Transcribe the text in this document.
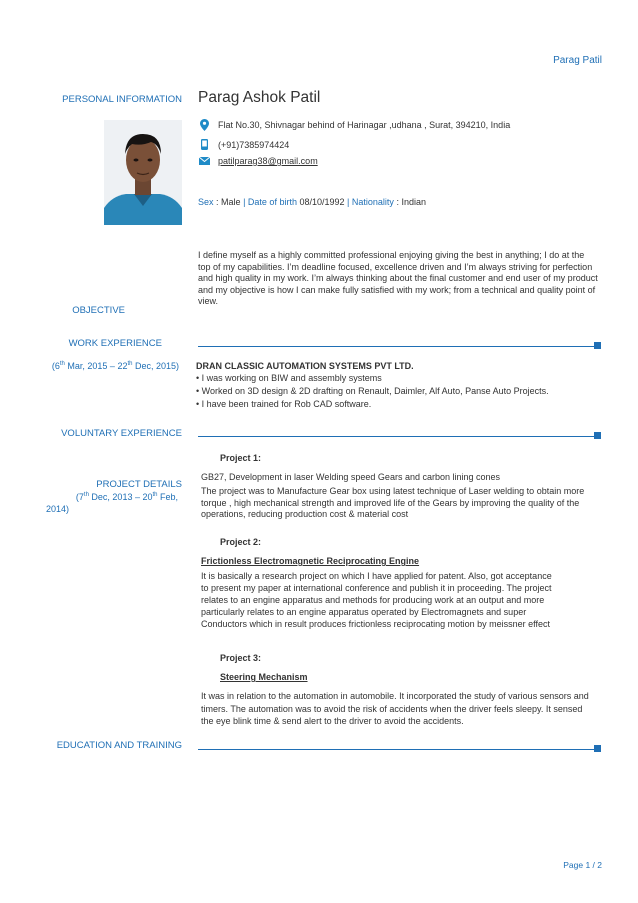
Parag Patil
PERSONAL INFORMATION Parag Ashok Patil
Flat No.30, Shivnagar behind of Harinagar ,udhana , Surat, 394210, India
(+91)7385974424
patilparag38@gmail.com
Sex : Male | Date of birth 08/10/1992 | Nationality : Indian
I define myself as a highly committed professional enjoying giving the best in anything; I do at the top of my capabilities. I’m deadline focused, excellence driven and I’m always striving for perfection and high quality in my work. I’m always thinking about the final customer and end user of my product and my objective is how I can make fully satisfied with my work; from a technical and quality point of view.
OBJECTIVE
WORK EXPERIENCE
(6th Mar, 2015 – 22th Dec, 2015) DRAN CLASSIC AUTOMATION SYSTEMS PVT LTD.
• I was working on BIW and assembly systems
• Worked on 3D design & 2D drafting on Renault, Daimler, Alf Auto, Panse Auto Projects.
• I have been trained for Rob CAD software.
VOLUNTARY EXPERIENCE
PROJECT DETAILS
(7th Dec, 2013 – 20th Feb,
2014)
Project 1:
GB27, Development in laser Welding speed Gears and carbon lining cones
The project was to Manufacture Gear box using latest technique of Laser welding to obtain more torque , high mechanical strength and improved life of the Gears by improving the quality of the operations, reducing production cost & material cost
Project 2:
Frictionless Electromagnetic Reciprocating Engine
It is basically a research project on which I have applied for patent. Also, got acceptance to present my paper at international conference and publish it in proceeding. The project relates to an engine apparatus and methods for producing work at an output and more particularly relates to an engine apparatus operated by Electromagnets and super Conductors which in result produces frictionless reciprocating motion by meissner effect
Project 3:
Steering Mechanism
It was in relation to the automation in automobile. It incorporated the study of various sensors and timers. The automation was to avoid the risk of accidents when the driver feels sleepy. It sensed the eye blink time & send alert to the driver to avoid the accidents.
EDUCATION AND TRAINING
Page 1 / 2
